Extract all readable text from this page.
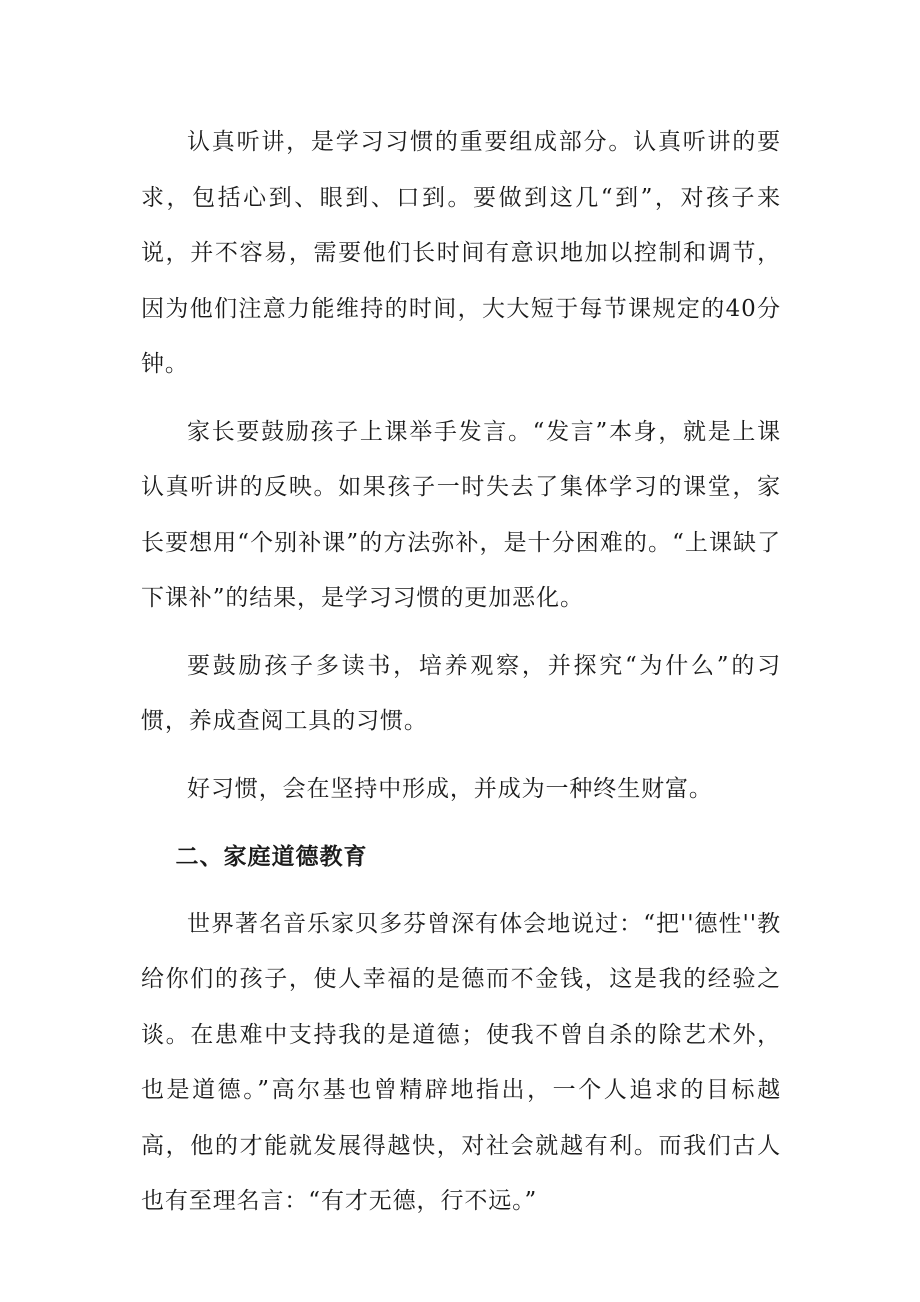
认真听讲，是学习习惯的重要组成部分。认真听讲的要求，包括心到、眼到、口到。要做到这几“到”，对孩子来说，并不容易，需要他们长时间有意识地加以控制和调节，因为他们注意力能维持的时间，大大短于每节课规定的40分钟。

家长要鼓励孩子上课举手发言。“发言”本身，就是上课认真听讲的反映。如果孩子一时失去了集体学习的课堂，家长要想用“个别补课”的方法弥补，是十分困难的。“上课缺了下课补”的结果，是学习习惯的更加恶化。

要鼓励孩子多读书，培养观察，并探究“为什么”的习惯，养成查阅工具的习惯。

好习惯，会在坚持中形成，并成为一种终生财富。

二、家庭道德教育

世界著名音乐家贝多芬曾深有体会地说过：“把''德性''教给你们的孩子，使人幸福的是德而不金钱，这是我的经验之谈。在患难中支持我的是道德；使我不曾自杀的除艺术外，也是道德。”高尔基也曾精辟地指出，一个人追求的目标越高，他的才能就发展得越快，对社会就越有利。而我们古人也有至理名言：“有才无德，行不远。”
